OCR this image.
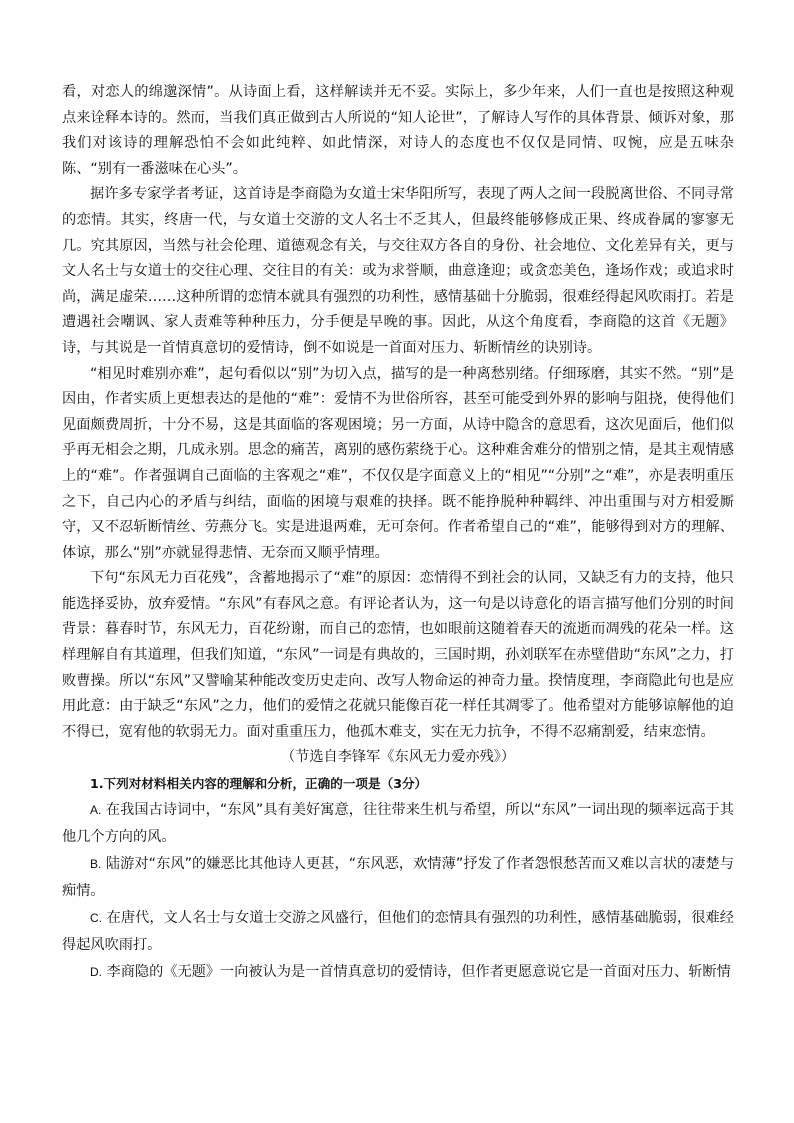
看，对恋人的绵邈深情”。从诗面上看，这样解读并无不妥。实际上，多少年来，人们一直也是按照这种观点来诠释本诗的。然而，当我们真正做到古人所说的“知人论世”，了解诗人写作的具体背景、倾诉对象，那我们对该诗的理解恐怕不会如此纯粹、如此情深，对诗人的态度也不仅仅是同情、叹惋，应是五味杂陈、“别有一番滋味在心头”。

据许多专家学者考证，这首诗是李商隐为女道士宋华阳所写，表现了两人之间一段脱离世俗、不同寻常的恋情。其实，终唐一代，与女道士交游的文人名士不乏其人，但最终能够修成正果、终成眷属的寥寥无几。究其原因，当然与社会伦理、道德观念有关，与交往双方各自的身份、社会地位、文化差异有关，更与文人名士与女道士的交往心理、交往目的有关：或为求誉顺，曲意逢迎；或贪恋美色，逢场作戏；或追求时尚，满足虚荣……这种所谓的恋情本就具有强烈的功利性，感情基础十分脆弱，很难经得起风吹雨打。若是遭遇社会嘲讽、家人责难等种种压力，分手便是早晚的事。因此，从这个角度看，李商隐的这首《无题》诗，与其说是一首情真意切的爱情诗，倒不如说是一首面对压力、斩断情丝的诀别诗。

“相见时难别亦难”，起句看似以“别”为切入点，描写的是一种离愁别绪。仔细琢磨，其实不然。“别”是因由，作者实质上更想表达的是他的“难”：爱情不为世俗所容，甚至可能受到外界的影响与阻挠，使得他们见面颇费周折，十分不易，这是其面临的客观困境；另一方面，从诗中隐含的意思看，这次见面后，他们似乎再无相会之期，几成永别。思念的痛苦，离别的感伤萦绕于心。这种难舍难分的惜别之情，是其主观情感上的“难”。作者强调自己面临的主客观之“难”，不仅仅是字面意义上的“相见”“分别”之“难”，亦是表明重压之下，自己内心的矛盾与纠结，面临的困境与艰难的抉择。既不能挣脱种种羁绊、冲出重围与对方相爱厮守，又不忍斩断情丝、劳燕分飞。实是进退两难，无可奈何。作者希望自己的“难”，能够得到对方的理解、体谅，那么“别”亦就显得悲情、无奈而又顺乎情理。

下句“东风无力百花残”，含蓄地揭示了“难”的原因：恋情得不到社会的认同，又缺乏有力的支持，他只能选择妥协，放弃爱情。“东风”有春风之意。有评论者认为，这一句是以诗意化的语言描写他们分别的时间背景：暮春时节，东风无力，百花纷谢，而自己的恋情，也如眼前这随着春天的流逝而凋残的花朵一样。这样理解自有其道理，但我们知道，“东风”一词是有典故的，三国时期，孙刘联军在赤壁借助“东风”之力，打败曹操。所以“东风”又譬喻某种能改变历史走向、改写人物命运的神奇力量。揆情度理，李商隐此句也是应用此意：由于缺乏“东风”之力，他们的爱情之花就只能像百花一样任其凋零了。他希望对方能够谅解他的迫不得已，宽宥他的软弱无力。面对重重压力，他孤木难支，实在无力抗争，不得不忍痛割爱，结束恋情。

（节选自李锋军《东风无力爱亦残》）

1.下列对材料相关内容的理解和分析，正确的一项是（3分）

A. 在我国古诗词中，“东风”具有美好寓意，往往带来生机与希望，所以“东风”一词出现的频率远高于其他几个方向的风。

B. 陆游对“东风”的嫌恶比其他诗人更甚，“东风恶，欢情薄”抒发了作者怨恨愁苦而又难以言状的凄楚与痴情。

C. 在唐代，文人名士与女道士交游之风盛行，但他们的恋情具有强烈的功利性，感情基础脆弱，很难经得起风吹雨打。

D. 李商隐的《无题》一向被认为是一首情真意切的爱情诗，但作者更愿意说它是一首面对压力、斩断情
